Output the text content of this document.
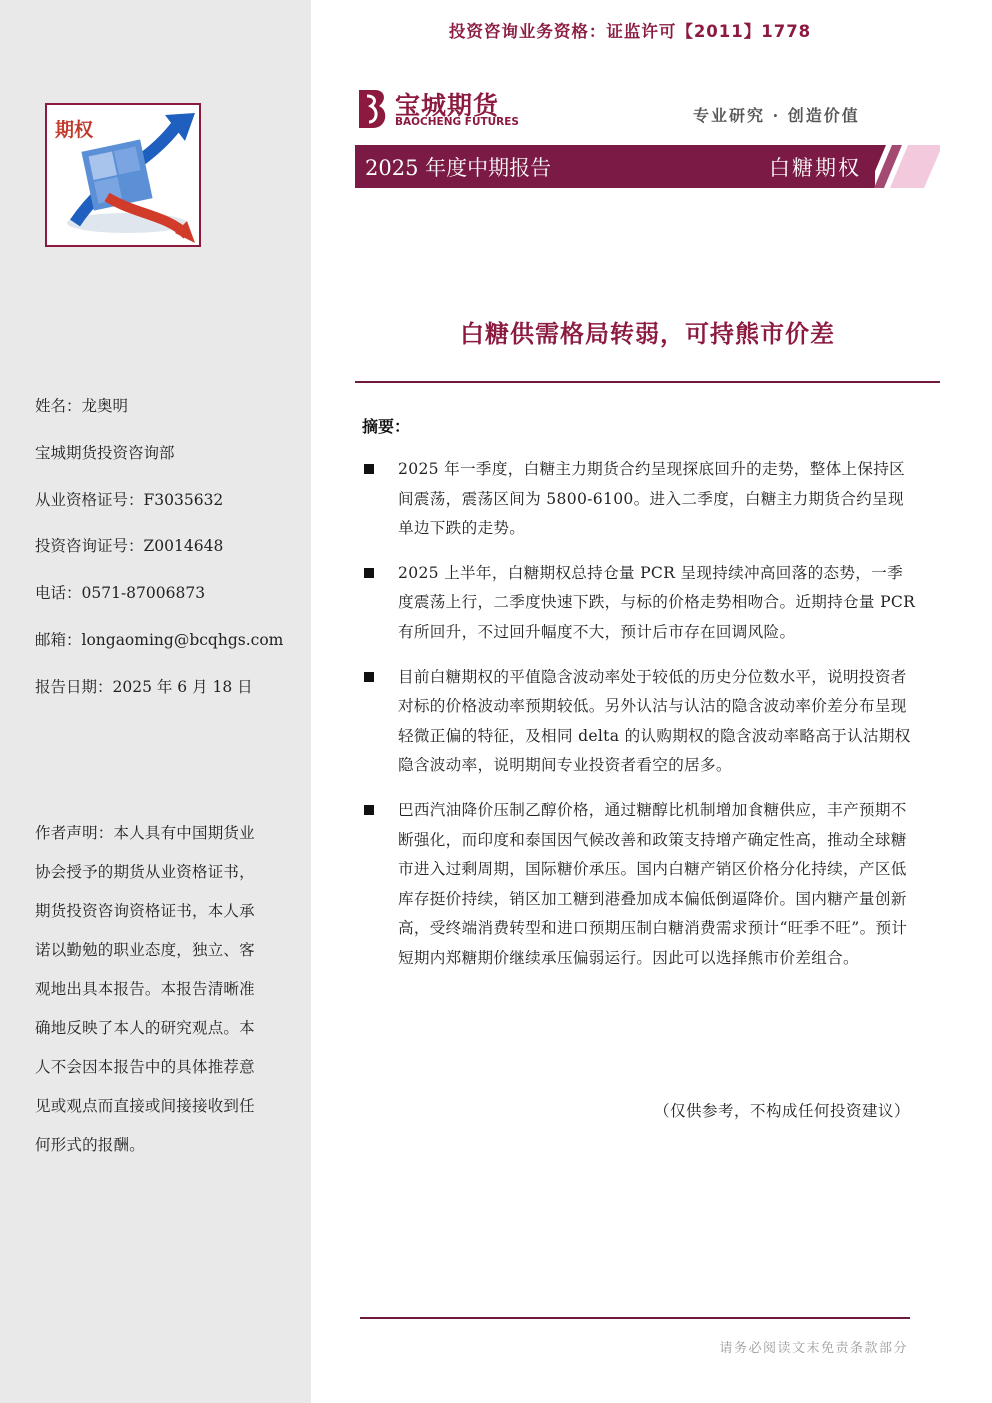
期权
姓名：龙奥明
宝城期货投资咨询部
从业资格证号：F3035632
投资咨询证号：Z0014648
电话：0571-87006873
邮箱：longaoming@bcqhgs.com
报告日期：2025 年 6 月 18 日
作者声明：本人具有中国期货业协会授予的期货从业资格证书，期货投资咨询资格证书，本人承诺以勤勉的职业态度，独立、客观地出具本报告。本报告清晰准确地反映了本人的研究观点。本人不会因本报告中的具体推荐意见或观点而直接或间接接收到任何形式的报酬。
投资咨询业务资格：证监许可【2011】1778
宝城期货
BAOCHENG FUTURES	专业研究 · 创造价值
2025 年度中期报告	白糖期权
白糖供需格局转弱，可持熊市价差
摘要：
2025 年一季度，白糖主力期货合约呈现探底回升的走势，整体上保持区间震荡，震荡区间为 5800-6100。进入二季度，白糖主力期货合约呈现单边下跌的走势。
2025 上半年，白糖期权总持仓量 PCR 呈现持续冲高回落的态势，一季度震荡上行，二季度快速下跌，与标的价格走势相吻合。近期持仓量 PCR 有所回升，不过回升幅度不大，预计后市存在回调风险。
目前白糖期权的平值隐含波动率处于较低的历史分位数水平，说明投资者对标的价格波动率预期较低。另外认沽与认沽的隐含波动率价差分布呈现轻微正偏的特征，及相同 delta 的认购期权的隐含波动率略高于认沽期权隐含波动率，说明期间专业投资者看空的居多。
巴西汽油降价压制乙醇价格，通过糖醇比机制增加食糖供应，丰产预期不断强化，而印度和泰国因气候改善和政策支持增产确定性高，推动全球糖市进入过剩周期，国际糖价承压。国内白糖产销区价格分化持续，产区低库存挺价持续，销区加工糖到港叠加成本偏低倒逼降价。国内糖产量创新高，受终端消费转型和进口预期压制白糖消费需求预计“旺季不旺”。预计短期内郑糖期价继续承压偏弱运行。因此可以选择熊市价差组合。
（仅供参考，不构成任何投资建议）
请务必阅读文末免责条款部分
